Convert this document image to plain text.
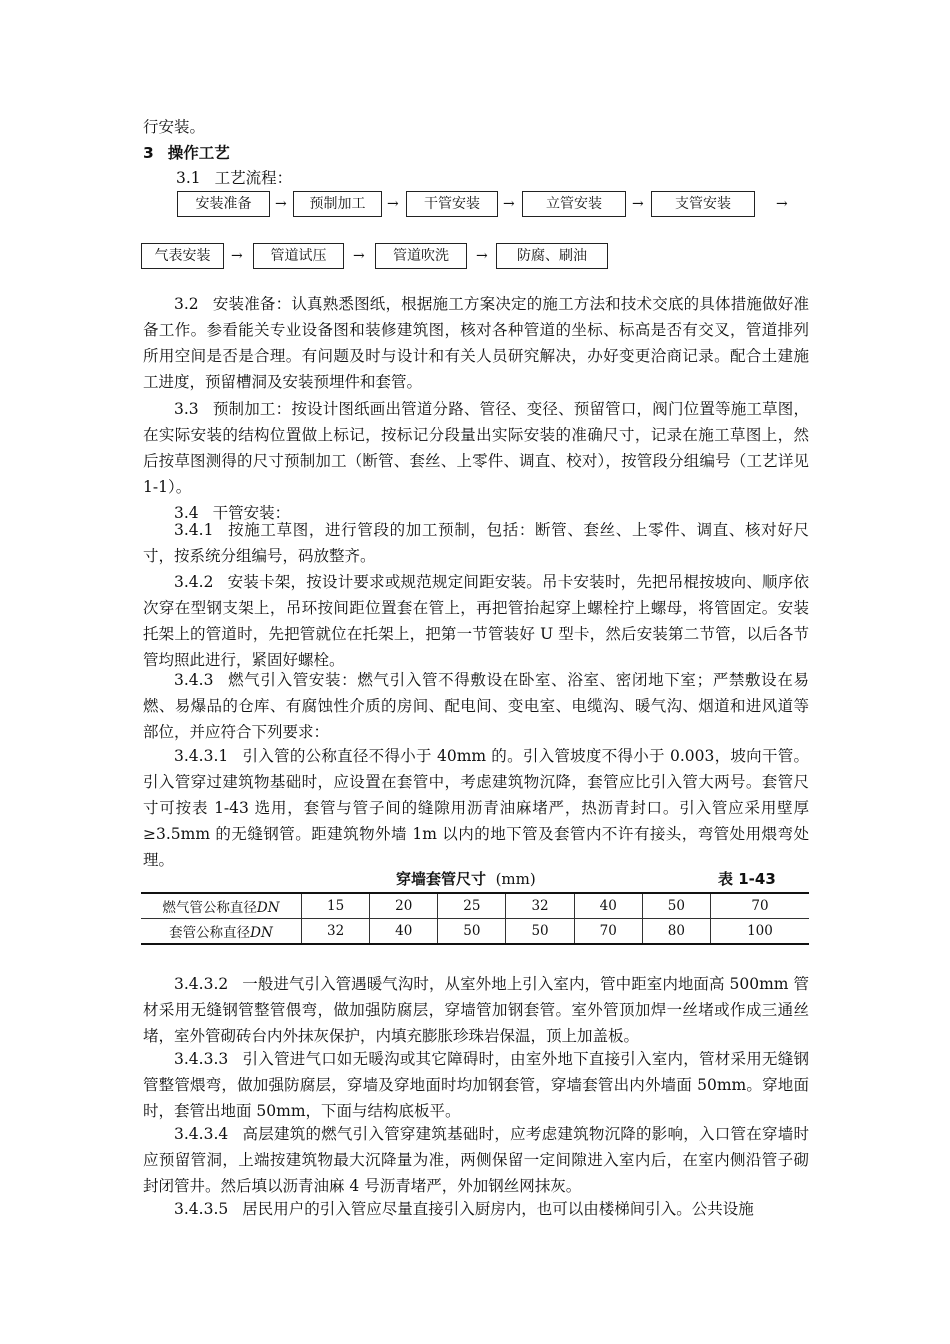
行安装。
3 操作工艺
3.1 工艺流程：
安装准备	→	预制加工	→	干管安装	→	立管安装	→	支管安装	→
气表安装	→	管道试压	→	管道吹洗	→	防腐、刷油

3.2 安装准备：认真熟悉图纸，根据施工方案决定的施工方法和技术交底的具体措施做好准备工作。参看能关专业设备图和装修建筑图，核对各种管道的坐标、标高是否有交叉，管道排列所用空间是否是合理。有问题及时与设计和有关人员研究解决，办好变更洽商记录。配合土建施工进度，预留槽洞及安装预埋件和套管。

3.3 预制加工：按设计图纸画出管道分路、管径、变径、预留管口，阀门位置等施工草图，在实际安装的结构位置做上标记，按标记分段量出实际安装的准确尺寸，记录在施工草图上，然后按草图测得的尺寸预制加工（断管、套丝、上零件、调直、校对），按管段分组编号（工艺详见 1-1）。

3.4 干管安装：

3.4.1 按施工草图，进行管段的加工预制，包括：断管、套丝、上零件、调直、核对好尺寸，按系统分组编号，码放整齐。

3.4.2 安装卡架，按设计要求或规范规定间距安装。吊卡安装时，先把吊棍按坡向、顺序依次穿在型钢支架上，吊环按间距位置套在管上，再把管抬起穿上螺栓拧上螺母，将管固定。安装托架上的管道时，先把管就位在托架上，把第一节管装好 U 型卡，然后安装第二节管，以后各节管均照此进行，紧固好螺栓。

3.4.3 燃气引入管安装：燃气引入管不得敷设在卧室、浴室、密闭地下室；严禁敷设在易燃、易爆品的仓库、有腐蚀性介质的房间、配电间、变电室、电缆沟、暖气沟、烟道和进风道等部位，并应符合下列要求：

3.4.3.1 引入管的公称直径不得小于 40mm 的。引入管坡度不得小于 0.003，坡向干管。引入管穿过建筑物基础时，应设置在套管中，考虑建筑物沉降，套管应比引入管大两号。套管尺寸可按表 1-43 选用，套管与管子间的缝隙用沥青油麻堵严，热沥青封口。引入管应采用壁厚≥3.5mm 的无缝钢管。距建筑物外墙 1m 以内的地下管及套管内不许有接头，弯管处用煨弯处理。

穿墙套管尺寸 (mm)	表 1-43
燃气管公称直径DN	15	20	25	32	40	50	70
套管公称直径DN	32	40	50	50	70	80	100

3.4.3.2 一般进气引入管遇暖气沟时，从室外地上引入室内，管中距室内地面高 500mm 管材采用无缝钢管整管偎弯，做加强防腐层，穿墙管加钢套管。室外管顶加焊一丝堵或作成三通丝堵，室外管砌砖台内外抹灰保护，内填充膨胀珍珠岩保温，顶上加盖板。

3.4.3.3 引入管进气口如无暖沟或其它障碍时，由室外地下直接引入室内，管材采用无缝钢管整管煨弯，做加强防腐层，穿墙及穿地面时均加钢套管，穿墙套管出内外墙面 50mm。穿地面时，套管出地面 50mm，下面与结构底板平。

3.4.3.4 高层建筑的燃气引入管穿建筑基础时，应考虑建筑物沉降的影响，入口管在穿墙时应预留管洞，上端按建筑物最大沉降量为准，两侧保留一定间隙进入室内后，在室内侧沿管子砌封闭管井。然后填以沥青油麻 4 号沥青堵严，外加钢丝网抹灰。

3.4.3.5 居民用户的引入管应尽量直接引入厨房内，也可以由楼梯间引入。公共设施
